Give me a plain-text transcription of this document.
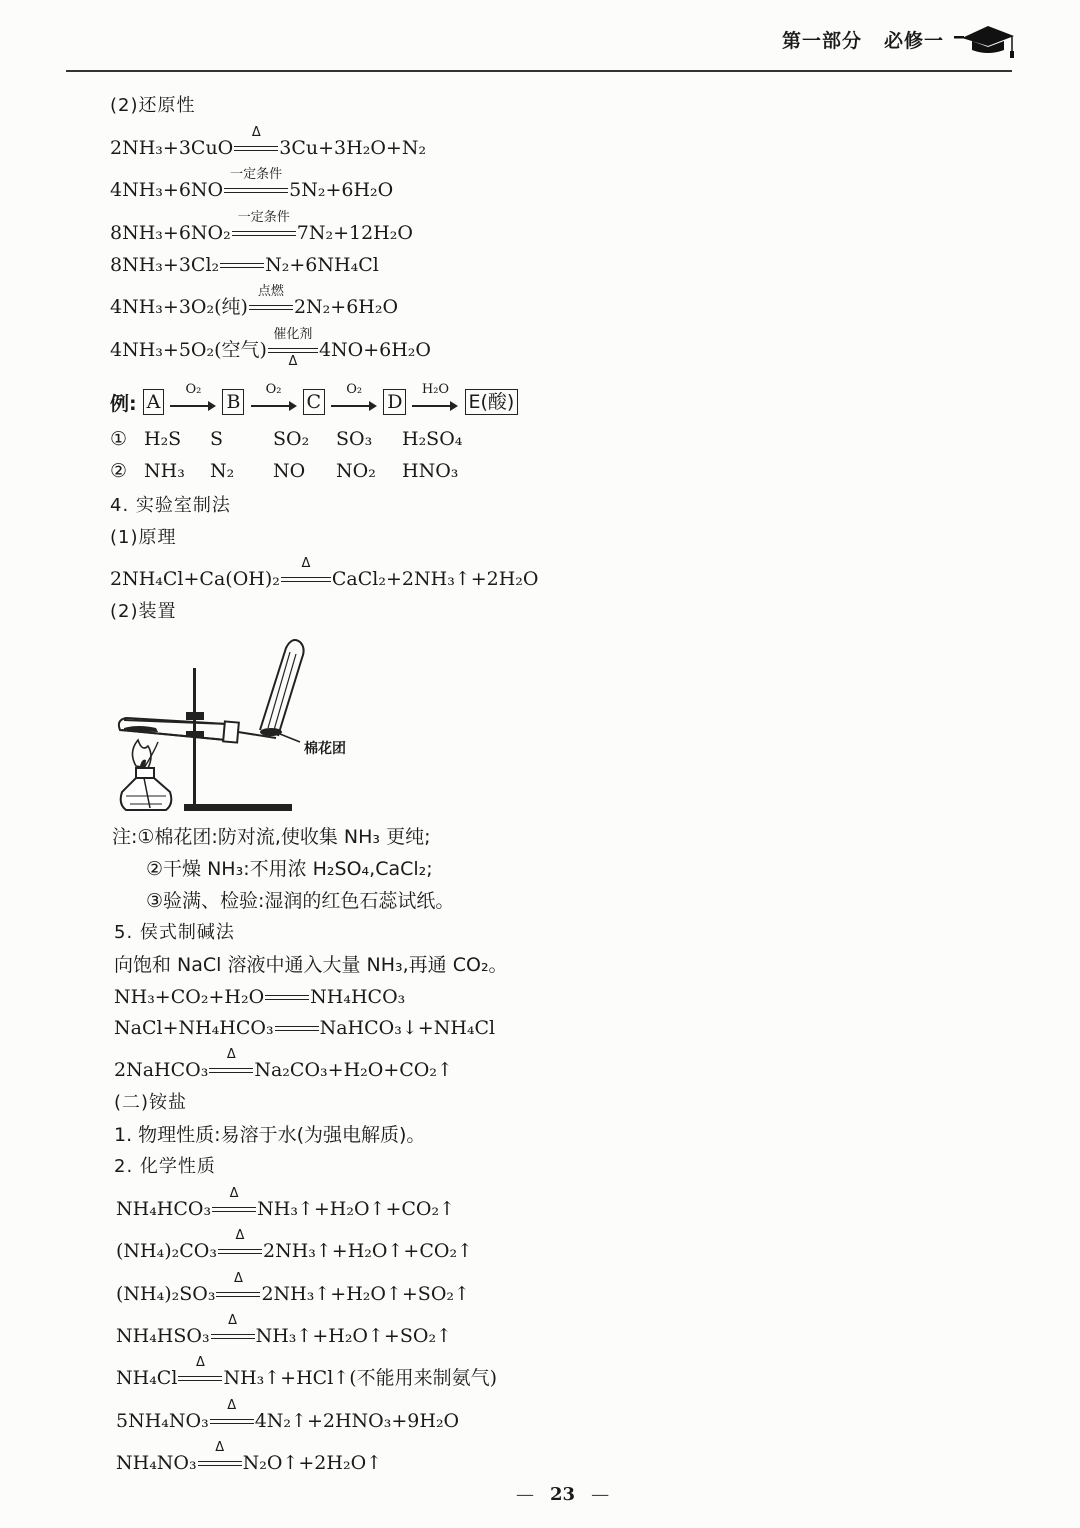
第一部分 必修一
(2)还原性
2NH₃+3CuO
Δ
3Cu+3H₂O+N₂
4NH₃+6NO
一定条件
5N₂+6H₂O
8NH₃+6NO₂
一定条件
7N₂+12H₂O
8NH₃+3Cl₂ N₂+6NH₄Cl
4NH₃+3O₂(纯)
点燃
2N₂+6H₂O
4NH₃+5O₂(空气)
催化剂
Δ
4NO+6H₂O
例: A
O₂
B
O₂
C
O₂
D
H₂O
E(酸)
① H₂S S	SO₂ SO₃ H₂SO₄
② NH₃ N₂ NO NO₂ HNO₃
4. 实验室制法
(1)原理
2NH₄Cl+Ca(OH)₂
Δ
CaCl₂+2NH₃↑+2H₂O
(2)装置
棉花团
注:①棉花团:防对流,使收集 NH₃ 更纯;
②干燥 NH₃:不用浓 H₂SO₄,CaCl₂;
③验满、检验:湿润的红色石蕊试纸。
5. 侯式制碱法
向饱和 NaCl 溶液中通入大量 NH₃,再通 CO₂。
NH₃+CO₂+H₂O NH₄HCO₃
NaCl+NH₄HCO₃ NaHCO₃↓+NH₄Cl
2NaHCO₃
Δ
Na₂CO₃+H₂O+CO₂↑
(二)铵盐
1. 物理性质:易溶于水(为强电解质)。
2. 化学性质
NH₄HCO₃
Δ
NH₃↑+H₂O↑+CO₂↑
(NH₄)₂CO₃
Δ
2NH₃↑+H₂O↑+CO₂↑
(NH₄)₂SO₃
Δ
2NH₃↑+H₂O↑+SO₂↑
NH₄HSO₃
Δ
NH₃↑+H₂O↑+SO₂↑
NH₄Cl
Δ
NH₃↑+HCl↑(不能用来制氨气)
5NH₄NO₃
Δ
4N₂↑+2HNO₃+9H₂O
NH₄NO₃
Δ
N₂O↑+2H₂O↑
— 23 —
